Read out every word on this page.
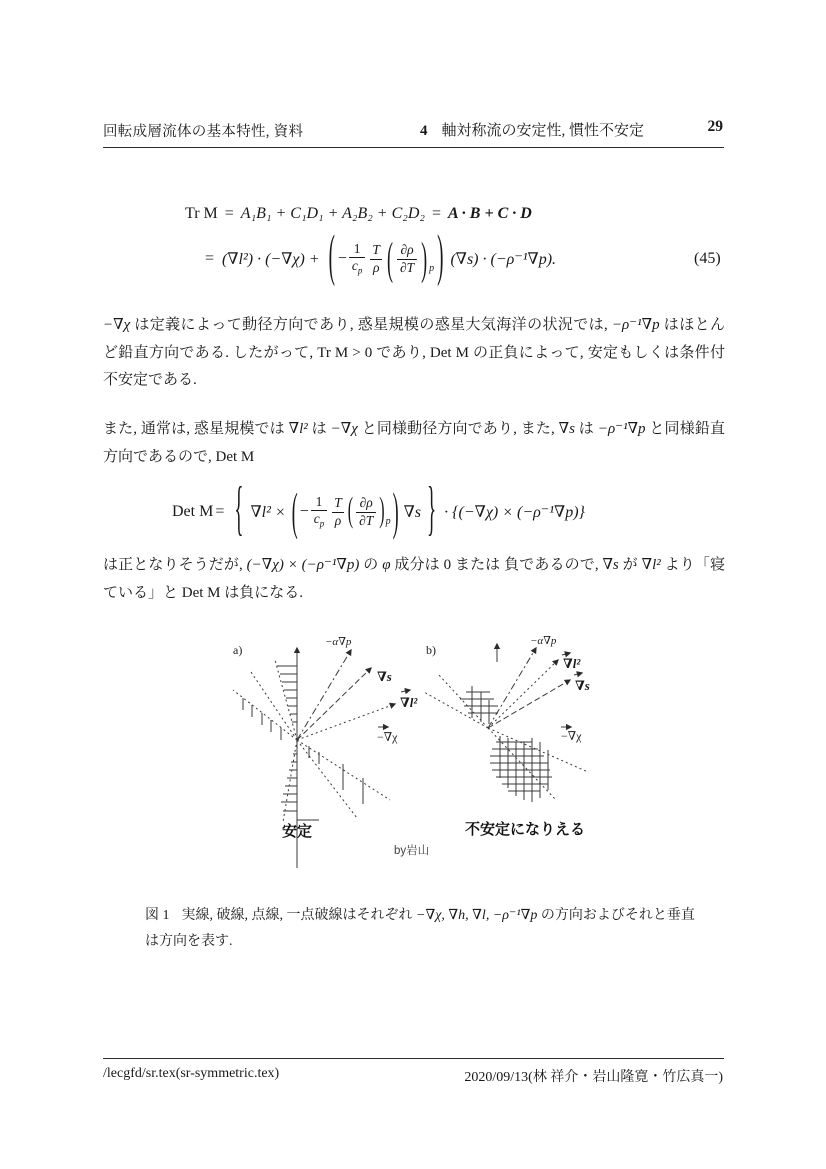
回転成層流体の基本特性, 資料	4 軸対称流の安定性, 慣性不安定	29
Tr M = A₁B₁ + C₁D₁ + A₂B₂ + C₂D₂ = A · B + C · D
= (∇l²) · (−∇χ) + ( − $\frac{1}{c_p} \frac{T}{\rho}$ ( $\frac{\partial\rho}{\partial T}$ ) p ) (∇s) · (−ρ⁻¹∇p).	(45)

−∇χ は定義によって動径方向であり, 惑星規模の惑星大気海洋の状況では, −ρ⁻¹∇p はほとんど鉛直方向である. したがって, Tr M > 0 であり, Det M の正負によって, 安定もしくは条件付不安定である.

また, 通常は, 惑星規模では ∇l² は −∇χ と同様動径方向であり, また, ∇s は −ρ⁻¹∇p と同様鉛直方向であるので, Det M

Det M = { ∇l² × ( − $\frac{1}{c_p} \frac{T}{\rho}$ ( $\frac{\partial\rho}{\partial T}$ ) p ) ∇s } · {(−∇χ) × (−ρ⁻¹∇p)}

は正となりそうだが, (−∇χ) × (−ρ⁻¹∇p) の φ 成分は 0 または 負であるので, ∇s が ∇l² より「寝ている」と Det M は負になる.

a)
−α∇p
∇s
∇l²
−∇χ
b)
−α∇p
∇l²
∇s
−∇χ
安定	不安定になりえる
by岩山

図 1 実線, 破線, 点線, 一点破線はそれぞれ −∇χ, ∇h, ∇l, −ρ⁻¹∇p の方向およびそれと垂直は方向を表す.

/lecgfd/sr.tex(sr-symmetric.tex)	2020/09/13(林 祥介・岩山隆寛・竹広真一)
